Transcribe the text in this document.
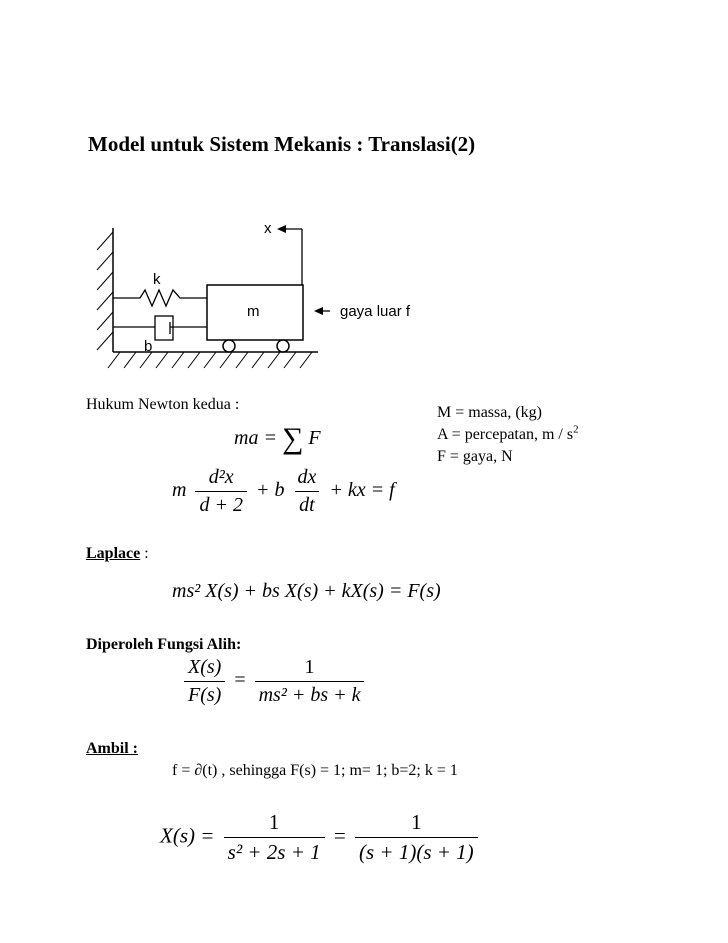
Model untuk Sistem Mekanis : Translasi(2)
x
k
b
m	gaya luar f
Hukum Newton kedua :
ma = ∑ F
m $\frac{\text{d²x}}{d + 2} + b \frac{dx}{dt}$ + kx = f
M = massa, (kg)
A = percepatan, m / $s^2$
F = gaya, N
Laplace :
ms² X(s) + bs X(s) + kX(s) = F(s)
Diperoleh Fungsi Alih:
$\frac{X(s)}{F(s)} = \frac{1}{\text{ms² + bs + k}}$
Ambil :
f = ∂(t) , sehingga F(s) = 1; m= 1; b=2; k = 1
$X(s) = \frac{1}{\text{s² + 2s + 1}} = \frac{1}{(s + 1)(s + 1)}$
